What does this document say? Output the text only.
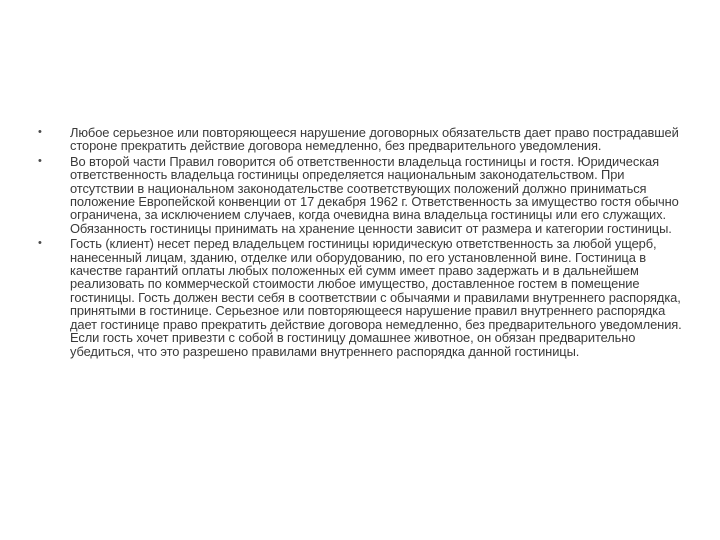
•	Любое серьезное или повторяющееся нарушение договорных обязательств дает право пострадавшей стороне прекратить действие договора немедленно, без предварительного уведомления.
•	Во второй части Правил говорится об ответственности владельца гостиницы и гостя. Юридическая ответственность владельца гостиницы определяется национальным законодательством. При отсутствии в национальном законодательстве соответствующих положений должно приниматься положение Европейской конвенции от 17 декабря 1962 г. Ответственность за имущество гостя обычно ограничена, за исключением случаев, когда очевидна вина владельца гостиницы или его служащих. Обязанность гостиницы принимать на хранение ценности зависит от размера и категории гостиницы.
•	Гость (клиент) несет перед владельцем гостиницы юридическую ответственность за любой ущерб, нанесенный лицам, зданию, отделке или оборудованию, по его установленной вине. Гостиница в качестве гарантий оплаты любых положенных ей сумм имеет право задержать и в дальнейшем реализовать по коммерческой стоимости любое имущество, доставленное гостем в помещение гостиницы. Гость должен вести себя в соответствии с обычаями и правилами внутреннего распорядка, принятыми в гостинице. Серьезное или повторяющееся нарушение правил внутреннего распорядка дает гостинице право прекратить действие договора немедленно, без предварительного уведомления. Если гость хочет привезти с собой в гостиницу домашнее животное, он обязан предварительно убедиться, что это разрешено правилами внутреннего распорядка данной гостиницы.
